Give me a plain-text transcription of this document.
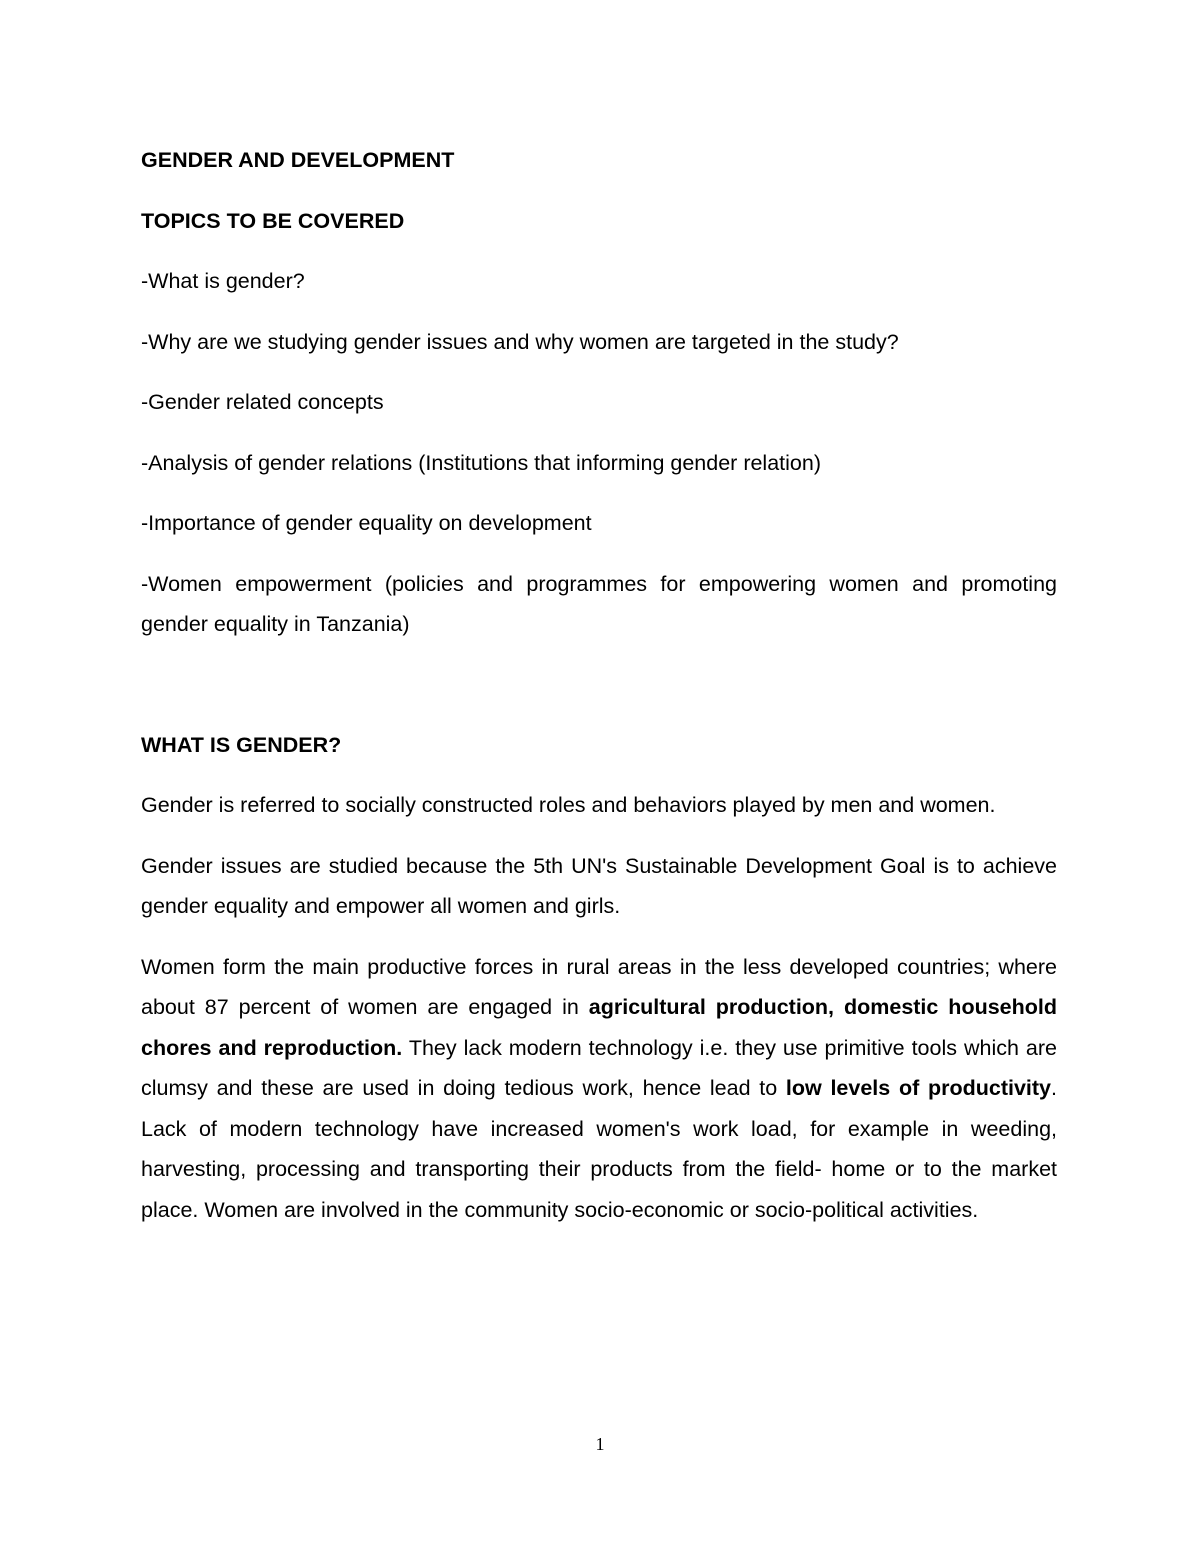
GENDER AND DEVELOPMENT

TOPICS TO BE COVERED

-What is gender?

-Why are we studying gender issues and why women are targeted in the study?

-Gender related concepts

-Analysis of gender relations (Institutions that informing gender relation)

-Importance of gender equality on development

-Women empowerment (policies and programmes for empowering women and promoting gender equality in Tanzania)

WHAT IS GENDER?

Gender is referred to socially constructed roles and behaviors played by men and women.

Gender issues are studied because the 5th UN's Sustainable Development Goal is to achieve gender equality and empower all women and girls.

Women form the main productive forces in rural areas in the less developed countries; where about 87 percent of women are engaged in agricultural production, domestic household chores and reproduction. They lack modern technology i.e. they use primitive tools which are clumsy and these are used in doing tedious work, hence lead to low levels of productivity. Lack of modern technology have increased women's work load, for example in weeding, harvesting, processing and transporting their products from the field- home or to the market place. Women are involved in the community socio-economic or socio-political activities.

1
